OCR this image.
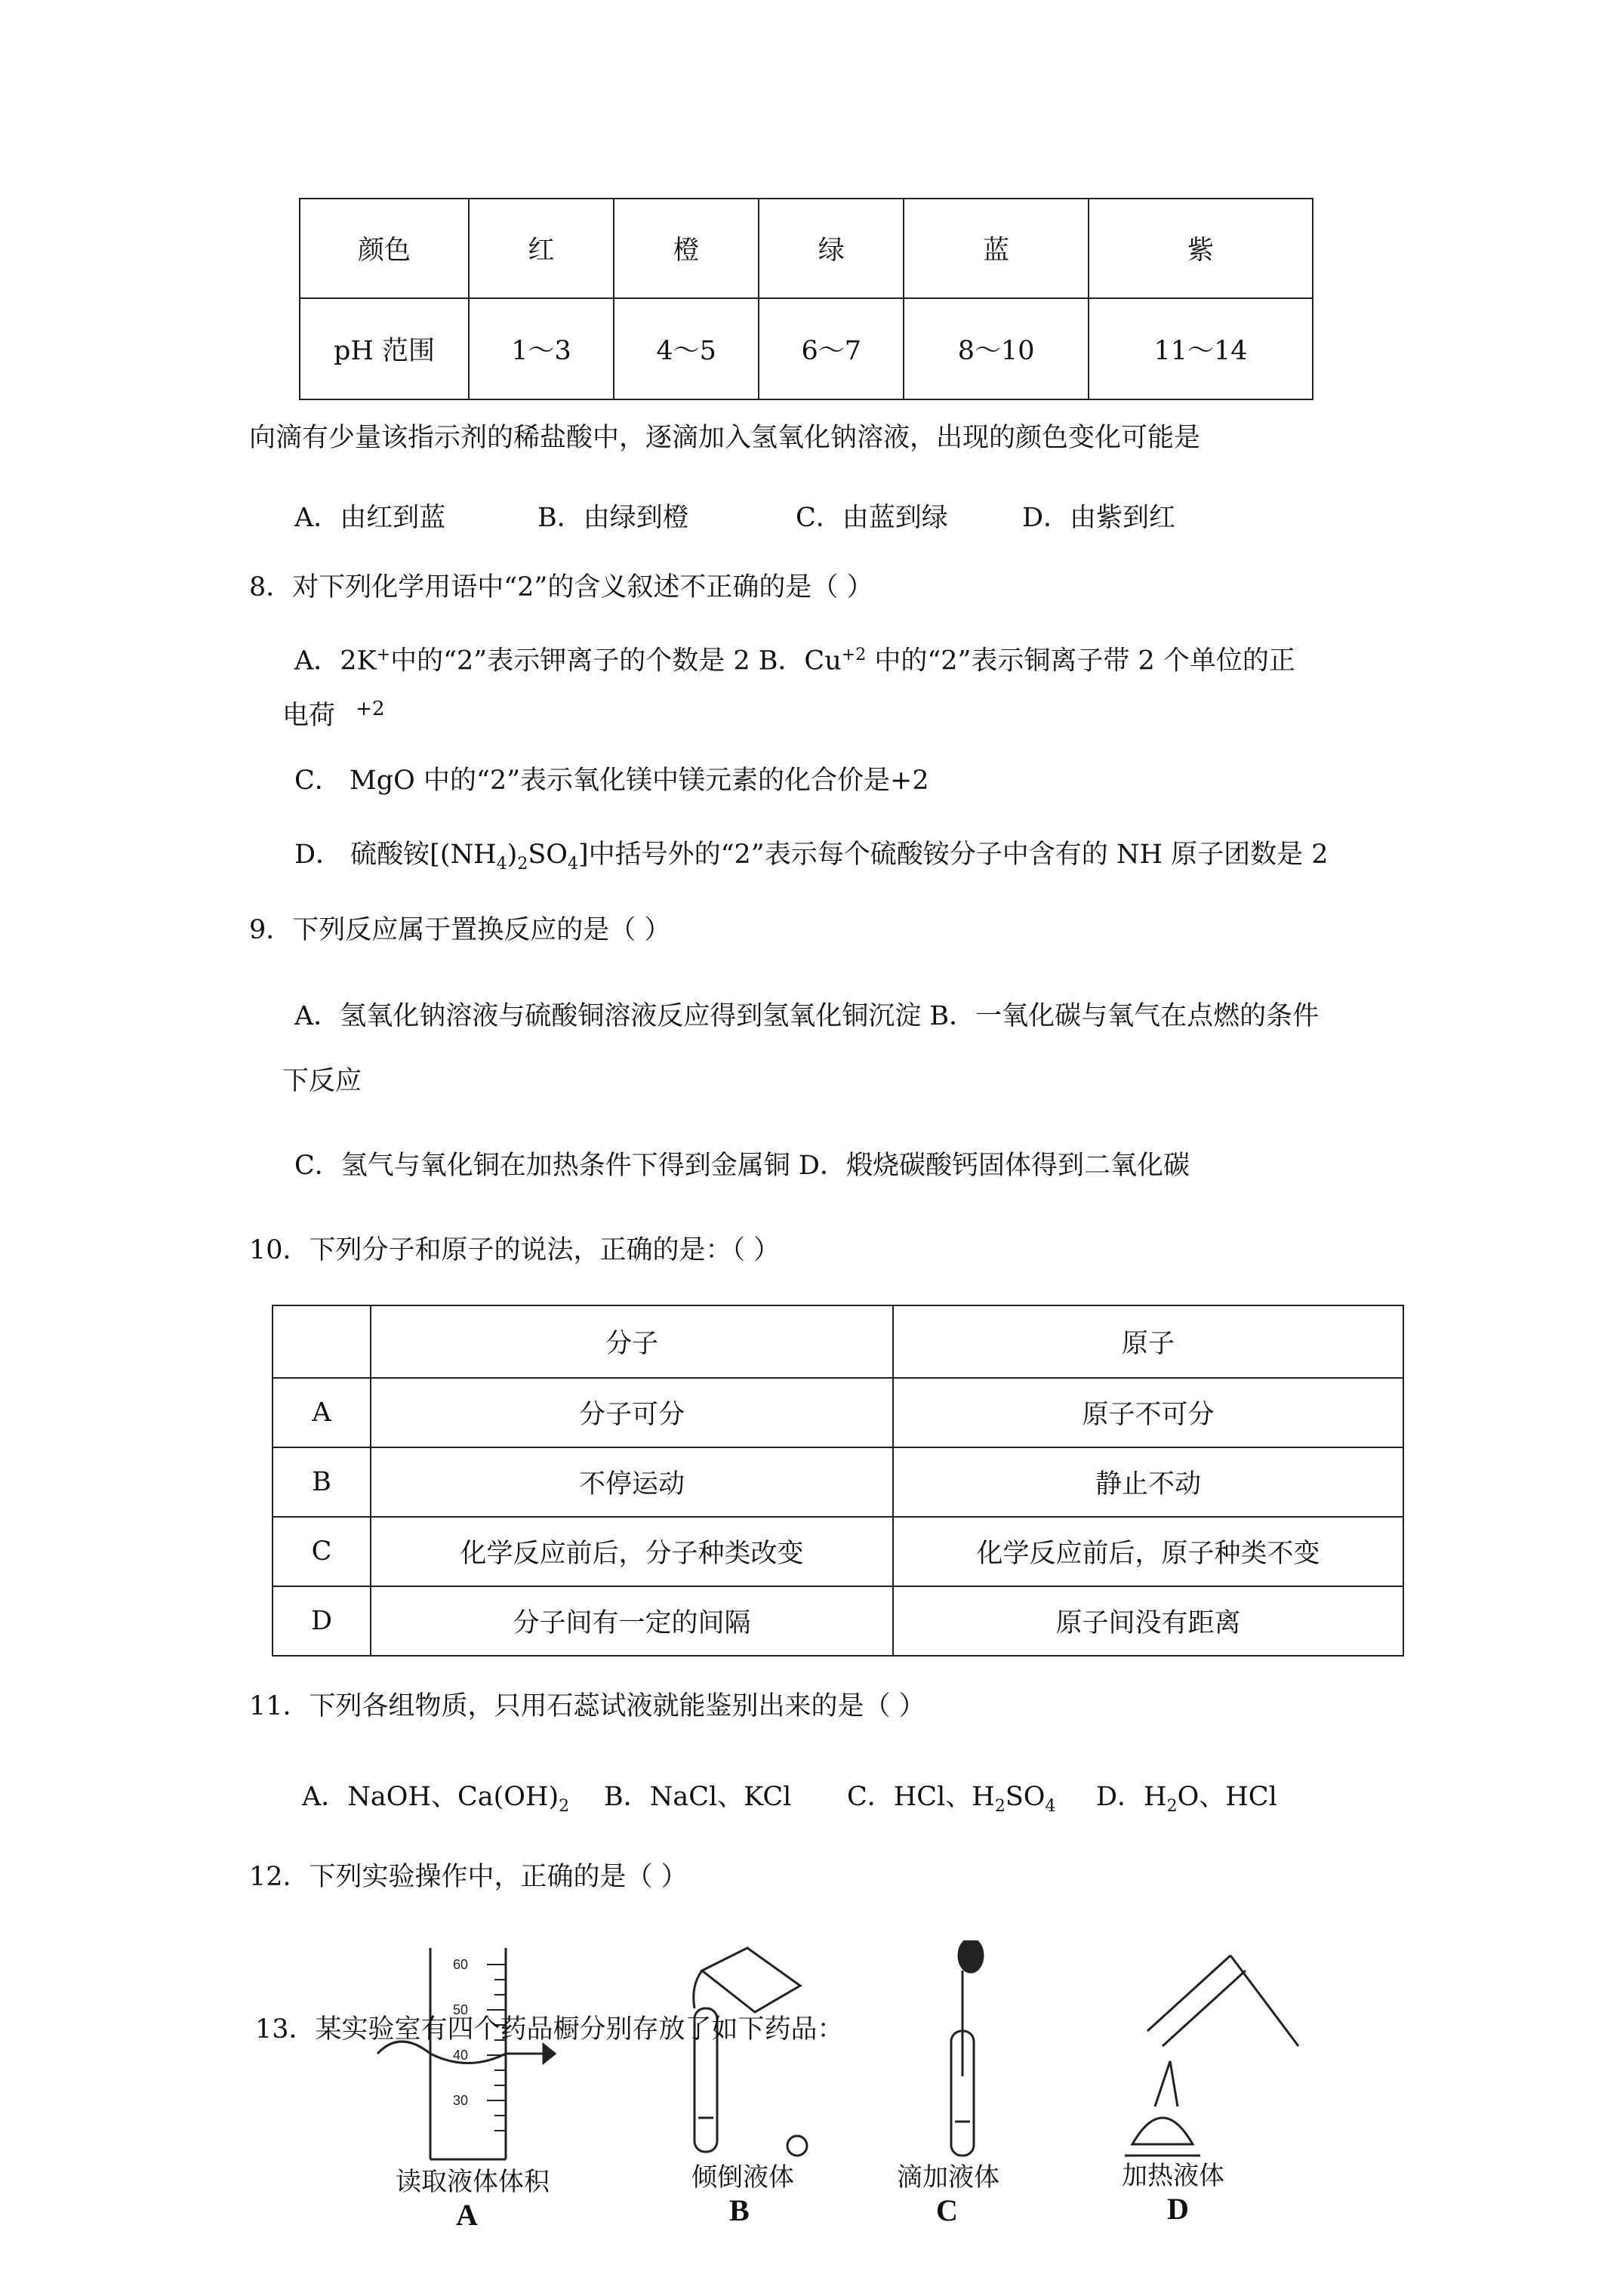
颜色	红	橙	绿	蓝	紫
pH 范围	1～3	4～5	6～7	8～10	11～14
向滴有少量该指示剂的稀盐酸中，逐滴加入氢氧化钠溶液，出现的颜色变化可能是
A．由红到蓝	B．由绿到橙	C．由蓝到绿	D．由紫到红
8．对下列化学用语中“2”的含义叙述不正确的是（ ）
A．2K+中的“2”表示钾离子的个数是 2 B．$Cu^{+2}$ 中的“2”表示铜离子带 2 个单位的正
电荷 $^{+2}$
C． MgO 中的“2”表示氧化镁中镁元素的化合价是+2
D． 硫酸铵$[(NH_4)_2SO_4]$中括号外的“2”表示每个硫酸铵分子中含有的 NH 原子团数是 2
9．下列反应属于置换反应的是（ ）
A．氢氧化钠溶液与硫酸铜溶液反应得到氢氧化铜沉淀 B．一氧化碳与氧气在点燃的条件
下反应
C．氢气与氧化铜在加热条件下得到金属铜 D．煅烧碳酸钙固体得到二氧化碳
10．下列分子和原子的说法，正确的是：（ ）
	分子	原子
A	分子可分	原子不可分
B	不停运动	静止不动
C	化学反应前后，分子种类改变	化学反应前后，原子种类不变
D	分子间有一定的间隔	原子间没有距离
11．下列各组物质，只用石蕊试液就能鉴别出来的是（ ）
A．NaOH、$Ca(OH)_2$ B．NaCl、KCl C．HCl、$H_2SO_4$ D．$H_2O$、HCl
12．下列实验操作中，正确的是（ ）
60
50
40
30
13．某实验室有四个药品橱分别存放了如下药品：
读取液体体积	倾倒液体	滴加液体	加热液体
A	B	C	D
